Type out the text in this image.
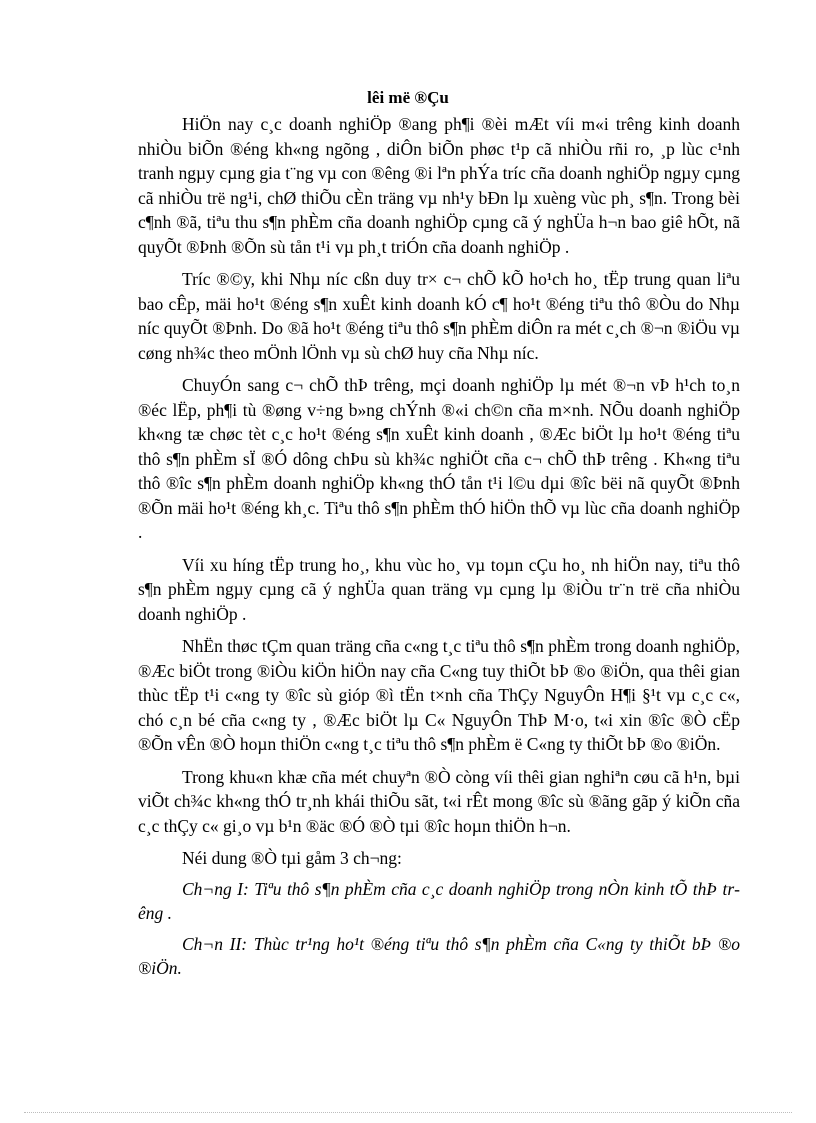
lêi më ®Çu

HiÖn nay c¸c doanh nghiÖp ®ang ph¶i ®èi mÆt víi m«i trêng kinh doanh nhiÒu biÕn ®éng kh«ng ngõng , diÔn biÕn phøc t¹p cã nhiÒu rñi ro, ¸p lùc c¹nh tranh ngµy cµng gia t¨ng vµ con ®êng ®i lªn phÝa tríc cña doanh nghiÖp ngµy cµng cã nhiÒu trë ng¹i, chØ thiÕu cÈn träng vµ nh¹y bÐn lµ xuèng vùc ph¸ s¶n. Trong bèi c¶nh ®ã, tiªu thu s¶n phÈm cña doanh nghiÖp cµng cã ý nghÜa h¬n bao giê hÕt, nã quyÕt ®Þnh ®Õn sù tån t¹i vµ ph¸t triÓn cña doanh nghiÖp .

Tríc ®©y, khi Nhµ níc cßn duy tr× c¬ chÕ kÕ ho¹ch ho¸ tËp trung quan liªu bao cÊp, mäi ho¹t ®éng s¶n xuÊt kinh doanh kÓ c¶ ho¹t ®éng tiªu thô ®Òu do Nhµ níc quyÕt ®Þnh. Do ®ã ho¹t ®éng tiªu thô s¶n phÈm diÔn ra mét c¸ch ®¬n ®iÖu vµ cøng nh¾c theo mÖnh lÖnh vµ sù chØ huy cña Nhµ níc.

ChuyÓn sang c¬ chÕ thÞ trêng, mçi doanh nghiÖp lµ mét ®¬n vÞ h¹ch to¸n ®éc lËp, ph¶i tù ®øng v÷ng b»ng chÝnh ®«i ch©n cña m×nh. NÕu doanh nghiÖp kh«ng tæ chøc tèt c¸c ho¹t ®éng s¶n xuÊt kinh doanh , ®Æc biÖt lµ ho¹t ®éng tiªu thô s¶n phÈm sÏ ®Ó dông chÞu sù kh¾c nghiÖt cña c¬ chÕ thÞ trêng . Kh«ng tiªu thô ®îc s¶n phÈm doanh nghiÖp kh«ng thÓ tån t¹i l©u dµi ®îc bëi nã quyÕt ®Þnh ®Õn mäi ho¹t ®éng kh¸c. Tiªu thô s¶n phÈm thÓ hiÖn thÕ vµ lùc cña doanh nghiÖp .

Víi xu híng tËp trung ho¸, khu vùc ho¸ vµ toµn cÇu ho¸ nh hiÖn nay, tiªu thô s¶n phÈm ngµy cµng cã ý nghÜa quan träng vµ cµng lµ ®iÒu tr¨n trë cña nhiÒu doanh nghiÖp .

NhËn thøc tÇm quan träng cña c«ng t¸c tiªu thô s¶n phÈm trong doanh nghiÖp, ®Æc biÖt trong ®iÒu kiÖn hiÖn nay cña C«ng tuy thiÕt bÞ ®o ®iÖn, qua thêi gian thùc tËp t¹i c«ng ty ®îc sù gióp ®ì tËn t×nh cña ThÇy NguyÔn H¶i §¹t vµ c¸c c«, chó c¸n bé cña c«ng ty , ®Æc biÖt lµ C« NguyÔn ThÞ M·o, t«i xin ®îc ®Ò cËp ®Õn vÊn ®Ò hoµn thiÖn c«ng t¸c tiªu thô s¶n phÈm ë C«ng ty thiÕt bÞ ®o ®iÖn.

Trong khu«n khæ cña mét chuyªn ®Ò còng víi thêi gian nghiªn cøu cã h¹n, bµi viÕt ch¾c kh«ng thÓ tr¸nh khái thiÕu sãt, t«i rÊt mong ®îc sù ®ãng gãp ý kiÕn cña c¸c thÇy c« gi¸o vµ b¹n ®äc ®Ó ®Ò tµi ®îc hoµn thiÖn h¬n.

Néi dung ®Ò tµi gåm 3 ch¬ng:

Ch¬ng I: Tiªu thô s¶n phÈm cña c¸c doanh nghiÖp trong nÒn kinh tÕ thÞ trêng .

Ch¬n II: Thùc tr¹ng ho¹t ®éng tiªu thô s¶n phÈm cña C«ng ty thiÕt bÞ ®o ®iÖn.
